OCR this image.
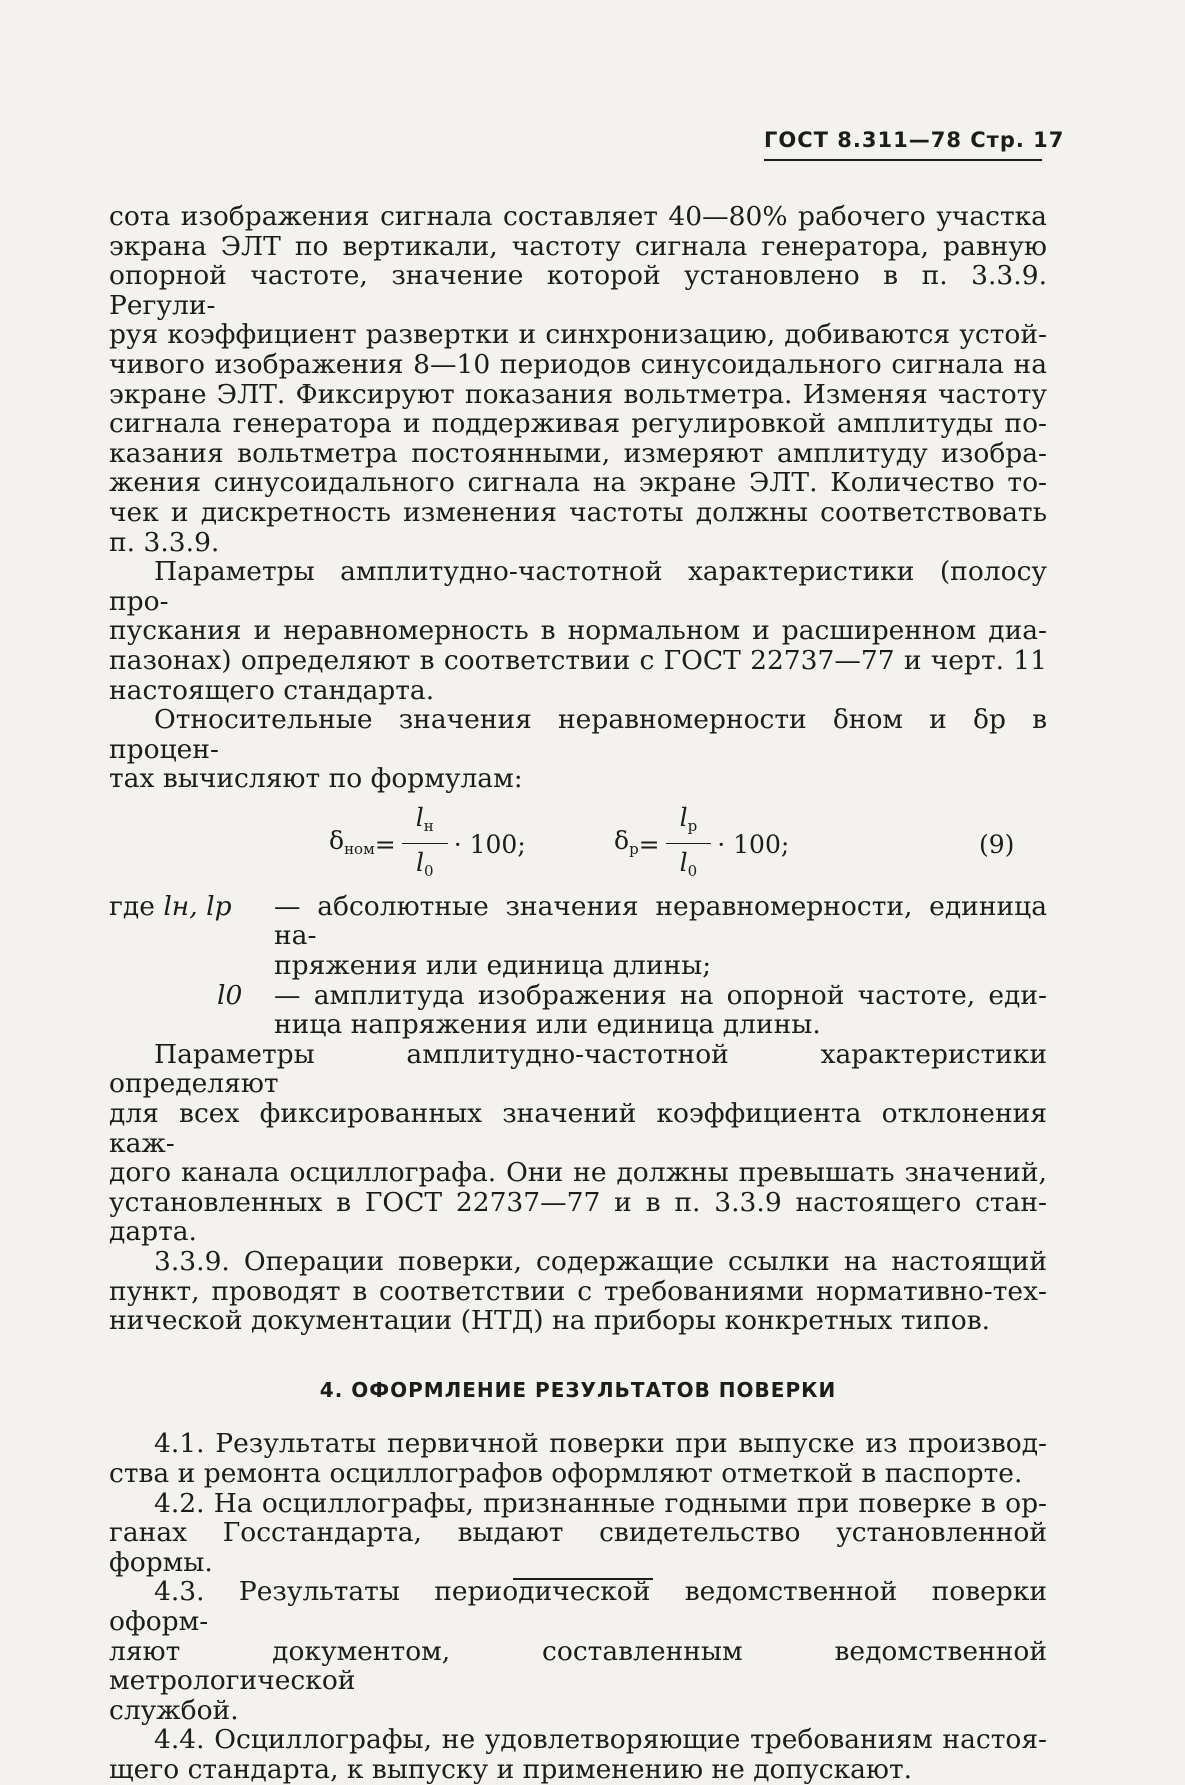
ГОСТ 8.311—78 Стр. 17

сота изображения сигнала составляет 40—80% рабочего участка

экрана ЭЛТ по вертикали, частоту сигнала генератора, равную

опорной частоте, значение которой установлено в п. 3.3.9. Регули-

руя коэффициент развертки и синхронизацию, добиваются устой-

чивого изображения 8—10 периодов синусоидального сигнала на

экране ЭЛТ. Фиксируют показания вольтметра. Изменяя частоту

сигнала генератора и поддерживая регулировкой амплитуды по-

казания вольтметра постоянными, измеряют амплитуду изобра-

жения синусоидального сигнала на экране ЭЛТ. Количество то-

чек и дискретность изменения частоты должны соответствовать

п. 3.3.9.

Параметры амплитудно-частотной характеристики (полосу про-

пускания и неравномерность в нормальном и расширенном диа-

пазонах) определяют в соответствии с ГОСТ 22737—77 и черт. 11

настоящего стандарта.

Относительные значения неравномерности δном и δр в процен-

тах вычисляют по формулам:

$\delta_{ном} = \frac{l_н}{l_0} \cdot 100$;	$\delta_р = \frac{l_р}{l_0} \cdot 100$;	(9)
где lн, lр — абсолютные значения неравномерности, единица на-

пряжения или единица длины;

l0 — амплитуда изображения на опорной частоте, еди-

ница напряжения или единица длины.

Параметры амплитудно-частотной характеристики определяют

для всех фиксированных значений коэффициента отклонения каж-

дого канала осциллографа. Они не должны превышать значений,

установленных в ГОСТ 22737—77 и в п. 3.3.9 настоящего стан-

дарта.

3.3.9. Операции поверки, содержащие ссылки на настоящий

пункт, проводят в соответствии с требованиями нормативно-тех-

нической документации (НТД) на приборы конкретных типов.

4. ОФОРМЛЕНИЕ РЕЗУЛЬТАТОВ ПОВЕРКИ

4.1. Результаты первичной поверки при выпуске из производ-

ства и ремонта осциллографов оформляют отметкой в паспорте.

4.2. На осциллографы, признанные годными при поверке в ор-

ганах Госстандарта, выдают свидетельство установленной формы.

4.3. Результаты периодической ведомственной поверки оформ-

ляют документом, составленным ведомственной метрологической

службой.

4.4. Осциллографы, не удовлетворяющие требованиям настоя-

щего стандарта, к выпуску и применению не допускают.
